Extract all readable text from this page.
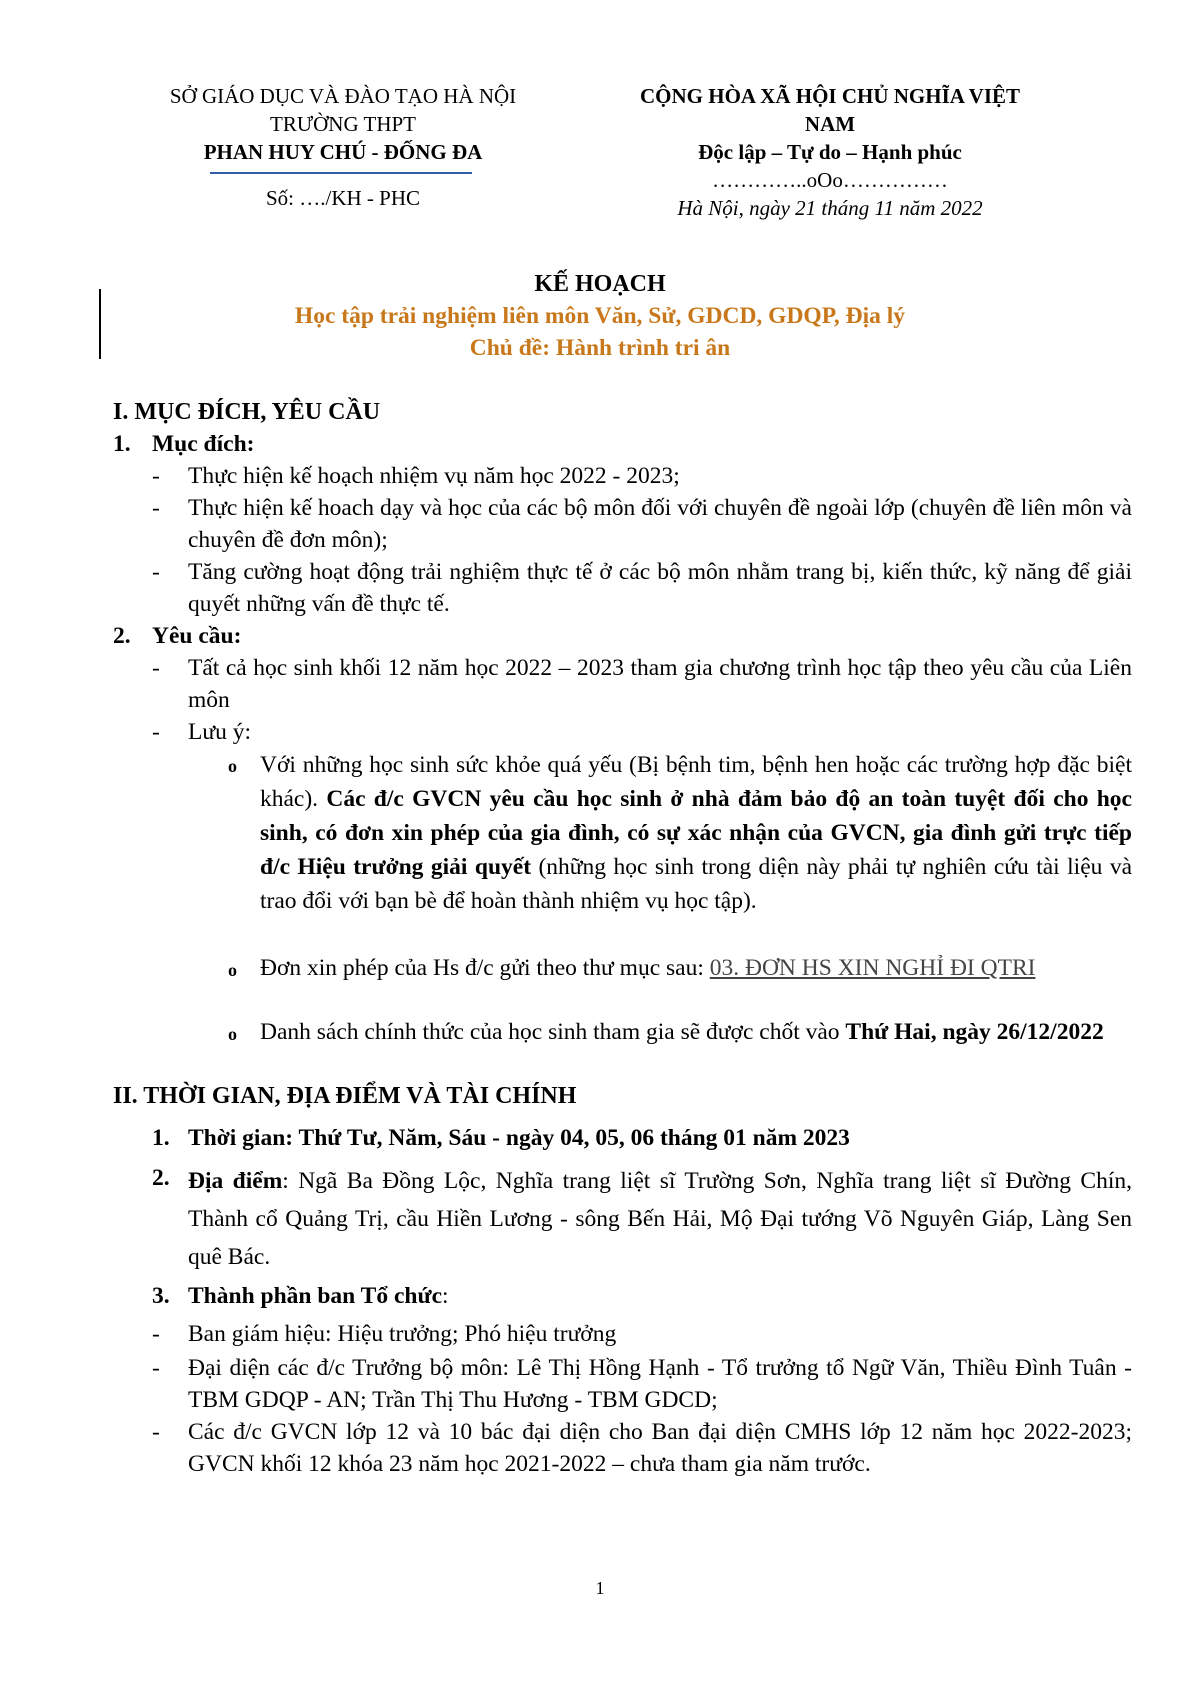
SỞ GIÁO DỤC VÀ ĐÀO TẠO HÀ NỘI
TRƯỜNG THPT
PHAN HUY CHÚ - ĐỐNG ĐA
Số: …./KH - PHC
CỘNG HÒA XÃ HỘI CHỦ NGHĨA VIỆT
NAM
Độc lập – Tự do – Hạnh phúc
…………..oOo……………
Hà Nội, ngày 21 tháng 11 năm 2022
KẾ HOẠCH
Học tập trải nghiệm liên môn Văn, Sử, GDCD, GDQP, Địa lý
Chủ đề: Hành trình tri ân
I. MỤC ĐÍCH, YÊU CẦU
1. Mục đích:
- Thực hiện kế hoạch nhiệm vụ năm học 2022 - 2023;
- Thực hiện kế hoach dạy và học của các bộ môn đối với chuyên đề ngoài lớp (chuyên đề liên môn và chuyên đề đơn môn);
- Tăng cường hoạt động trải nghiệm thực tế ở các bộ môn nhằm trang bị, kiến thức, kỹ năng để giải quyết những vấn đề thực tế.
2. Yêu cầu:
- Tất cả học sinh khối 12 năm học 2022 – 2023 tham gia chương trình học tập theo yêu cầu của Liên môn
- Lưu ý:
o Với những học sinh sức khỏe quá yếu (Bị bệnh tim, bệnh hen hoặc các trường hợp đặc biệt khác). Các đ/c GVCN yêu cầu học sinh ở nhà đảm bảo độ an toàn tuyệt đối cho học sinh, có đơn xin phép của gia đình, có sự xác nhận của GVCN, gia đình gửi trực tiếp đ/c Hiệu trưởng giải quyết (những học sinh trong diện này phải tự nghiên cứu tài liệu và trao đổi với bạn bè để hoàn thành nhiệm vụ học tập).
o Đơn xin phép của Hs đ/c gửi theo thư mục sau: 03. ĐƠN HS XIN NGHỈ ĐI QTRI
o Danh sách chính thức của học sinh tham gia sẽ được chốt vào Thứ Hai, ngày 26/12/2022
II. THỜI GIAN, ĐỊA ĐIỂM VÀ TÀI CHÍNH
1. Thời gian: Thứ Tư, Năm, Sáu - ngày 04, 05, 06 tháng 01 năm 2023
2. Địa điểm: Ngã Ba Đồng Lộc, Nghĩa trang liệt sĩ Trường Sơn, Nghĩa trang liệt sĩ Đường Chín, Thành cổ Quảng Trị, cầu Hiền Lương - sông Bến Hải, Mộ Đại tướng Võ Nguyên Giáp, Làng Sen quê Bác.
3. Thành phần ban Tổ chức:
- Ban giám hiệu: Hiệu trưởng; Phó hiệu trưởng
- Đại diện các đ/c Trưởng bộ môn: Lê Thị Hồng Hạnh - Tổ trưởng tổ Ngữ Văn, Thiều Đình Tuân - TBM GDQP - AN; Trần Thị Thu Hương - TBM GDCD;
- Các đ/c GVCN lớp 12 và 10 bác đại diện cho Ban đại diện CMHS lớp 12 năm học 2022-2023; GVCN khối 12 khóa 23 năm học 2021-2022 – chưa tham gia năm trước.
1
